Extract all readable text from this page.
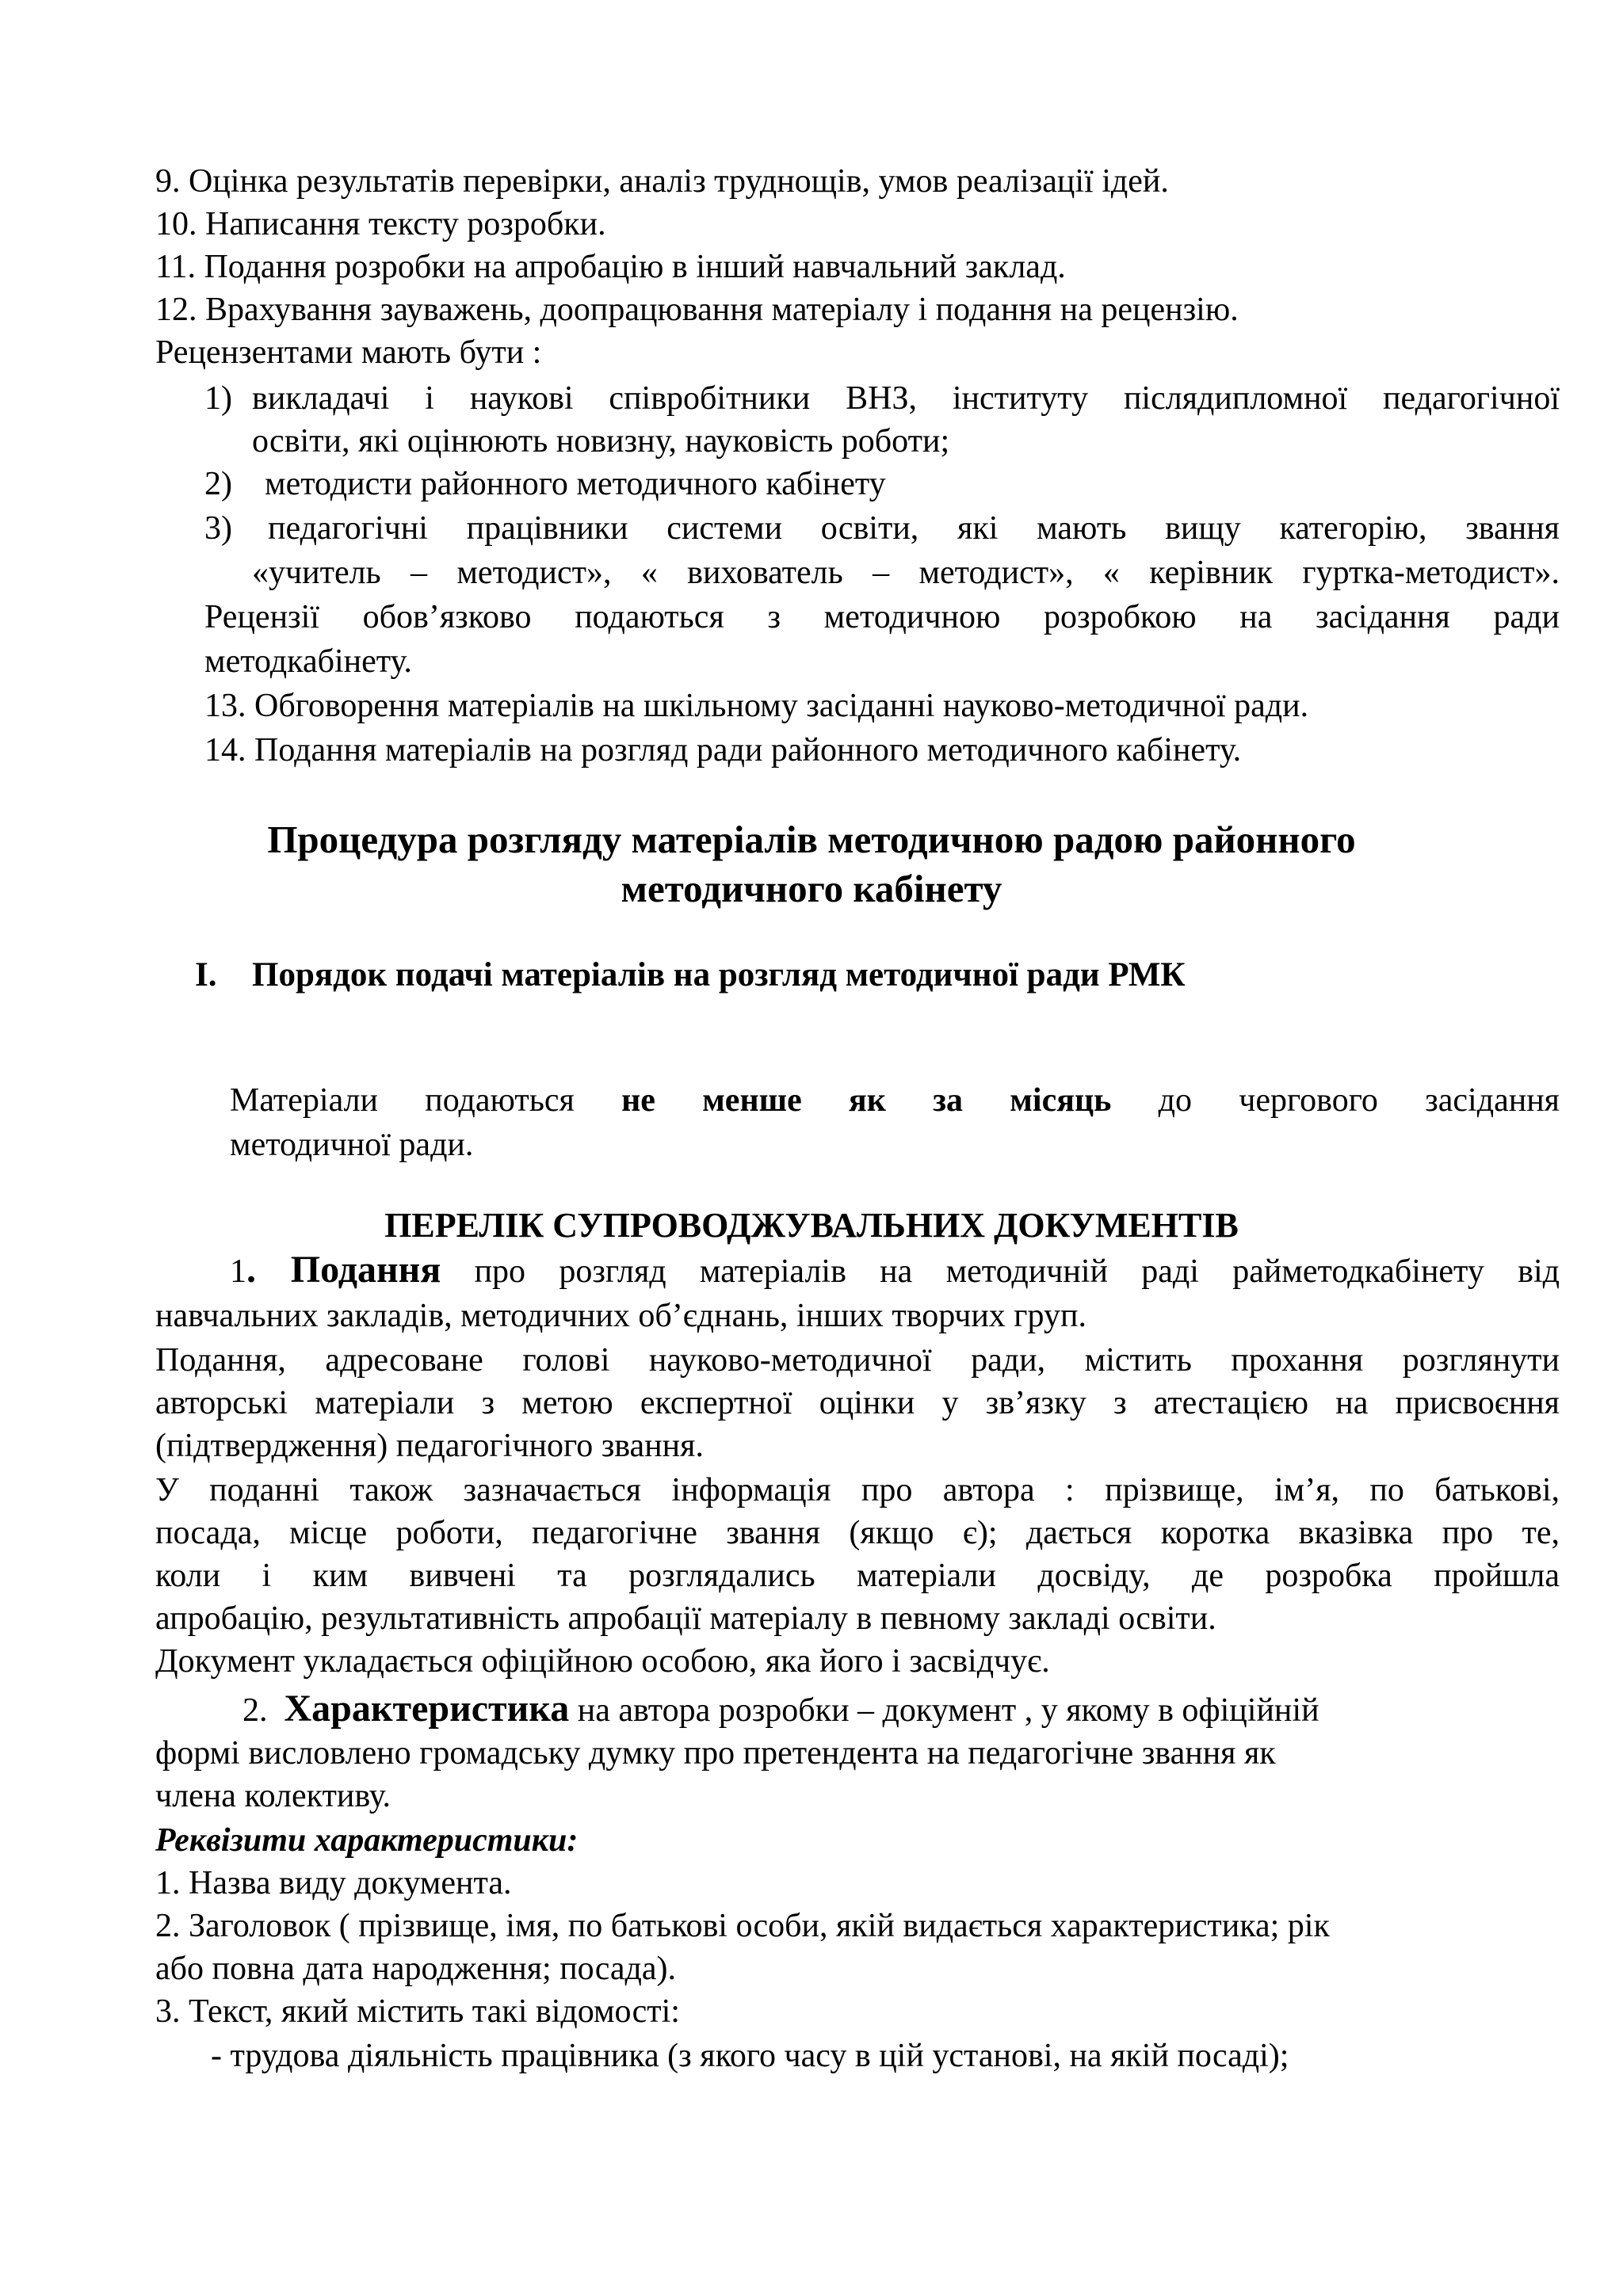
9. Оцінка результатів перевірки, аналіз труднощів, умов реалізації ідей.

10. Написання тексту розробки.

11. Подання розробки на апробацію в інший навчальний заклад.

12. Врахування зауважень, доопрацювання матеріалу і подання на рецензію.

Рецензентами мають бути :

1) викладачі і наукові співробітники ВНЗ, інституту післядипломної педагогічної

освіти, які оцінюють новизну, науковість роботи;

2) методисти районного методичного кабінету

3) педагогічні працівники системи освіти, які мають вищу категорію, звання

«учитель – методист», « вихователь – методист», « керівник гуртка-методист».

Рецензії обов’язково подаються з методичною розробкою на засідання ради

методкабінету.

13. Обговорення матеріалів на шкільному засіданні науково-методичної ради.

14. Подання матеріалів на розгляд ради районного методичного кабінету.

Процедура розгляду матеріалів методичною радою районного
методичного кабінету
I. Порядок подачі матеріалів на розгляд методичної ради РМК

Матеріали подаються не менше як за місяць до чергового засідання

методичної ради.

ПЕРЕЛІК СУПРОВОДЖУВАЛЬНИХ ДОКУМЕНТІВ

1. Подання про розгляд матеріалів на методичній раді райметодкабінету від

навчальних закладів, методичних об’єднань, інших творчих груп.

Подання, адресоване голові науково-методичної ради, містить прохання розглянути

авторські матеріали з метою експертної оцінки у зв’язку з атестацією на присвоєння

(підтвердження) педагогічного звання.

У поданні також зазначається інформація про автора : прізвище, ім’я, по батькові,

посада, місце роботи, педагогічне звання (якщо є); дається коротка вказівка про те,

коли і ким вивчені та розглядались матеріали досвіду, де розробка пройшла

апробацію, результативність апробації матеріалу в певному закладі освіти.

Документ укладається офіційною особою, яка його і засвідчує.

2. Характеристика на автора розробки – документ , у якому в офіційній

формі висловлено громадську думку про претендента на педагогічне звання як

члена колективу.

Реквізити характеристики:

1. Назва виду документа.

2. Заголовок ( прізвище, імя, по батькові особи, якій видається характеристика; рік

або повна дата народження; посада).

3. Текст, який містить такі відомості:

- трудова діяльність працівника (з якого часу в цій установі, на якій посаді);
